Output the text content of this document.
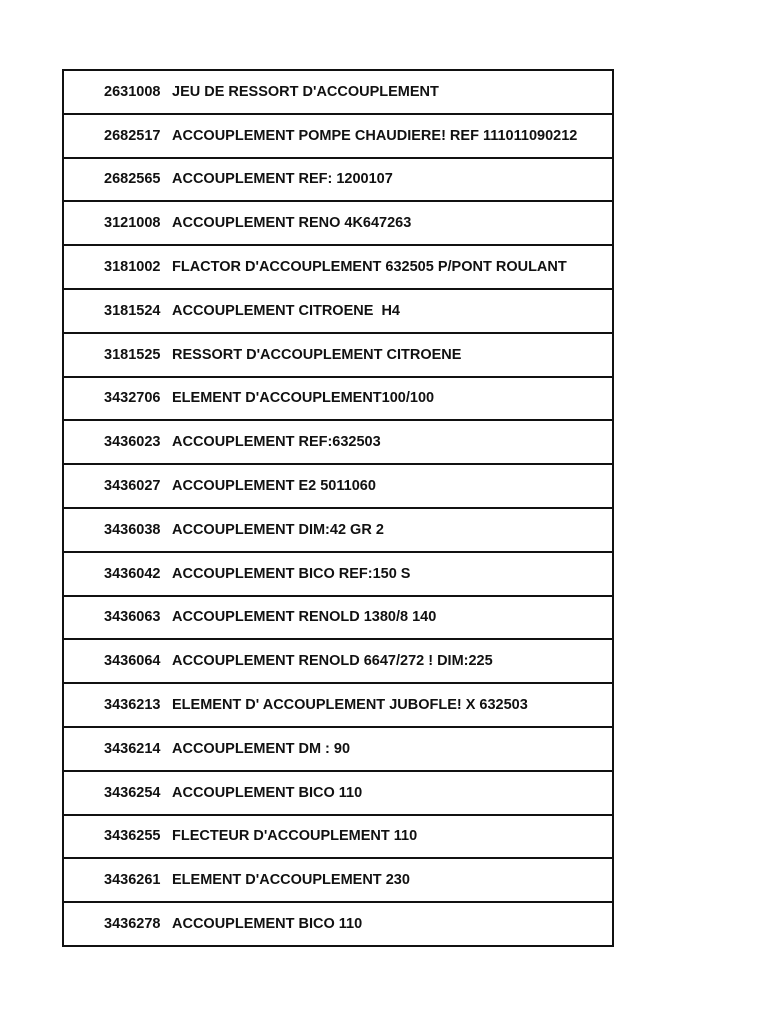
2631008 JEU DE RESSORT D'ACCOUPLEMENT
2682517 ACCOUPLEMENT POMPE CHAUDIERE! REF 111011090212
2682565 ACCOUPLEMENT REF: 1200107
3121008 ACCOUPLEMENT RENO 4K647263
3181002 FLACTOR D'ACCOUPLEMENT 632505 P/PONT ROULANT
3181524 ACCOUPLEMENT CITROENE  H4
3181525 RESSORT D'ACCOUPLEMENT CITROENE
3432706 ELEMENT D'ACCOUPLEMENT100/100
3436023 ACCOUPLEMENT REF:632503
3436027 ACCOUPLEMENT E2 5011060
3436038 ACCOUPLEMENT DIM:42 GR 2
3436042 ACCOUPLEMENT BICO REF:150 S
3436063 ACCOUPLEMENT RENOLD 1380/8 140
3436064 ACCOUPLEMENT RENOLD 6647/272 ! DIM:225
3436213 ELEMENT D' ACCOUPLEMENT JUBOFLE! X 632503
3436214 ACCOUPLEMENT DM : 90
3436254 ACCOUPLEMENT BICO 110
3436255 FLECTEUR D'ACCOUPLEMENT 110
3436261 ELEMENT D'ACCOUPLEMENT 230
3436278 ACCOUPLEMENT BICO 110
